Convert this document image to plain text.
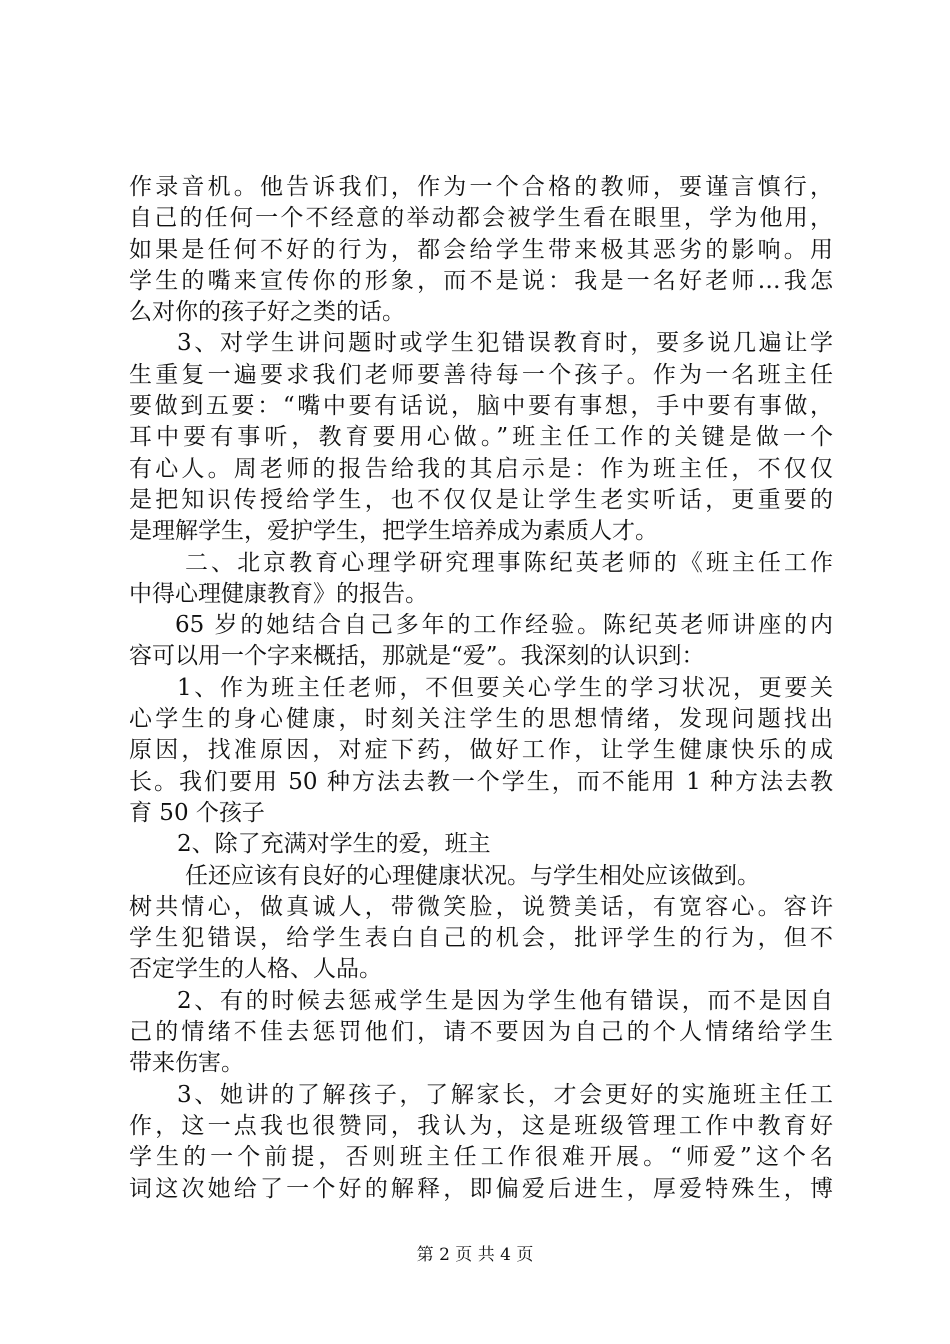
作录音机。他告诉我们，作为一个合格的教师，要谨言慎行，
自己的任何一个不经意的举动都会被学生看在眼里，学为他用，
如果是任何不好的行为，都会给学生带来极其恶劣的影响。用
学生的嘴来宣传你的形象，而不是说：我是一名好老师…我怎
么对你的孩子好之类的话。
3、对学生讲问题时或学生犯错误教育时，要多说几遍让学
生重复一遍要求我们老师要善待每一个孩子。作为一名班主任
要做到五要：“嘴中要有话说，脑中要有事想，手中要有事做，
耳中要有事听，教育要用心做。”班主任工作的关键是做一个
有心人。周老师的报告给我的其启示是：作为班主任，不仅仅
是把知识传授给学生，也不仅仅是让学生老实听话，更重要的
是理解学生，爱护学生，把学生培养成为素质人才。
二、北京教育心理学研究理事陈纪英老师的《班主任工作
中得心理健康教育》的报告。
65 岁的她结合自己多年的工作经验。陈纪英老师讲座的内
容可以用一个字来概括，那就是“爱”。我深刻的认识到：
1、作为班主任老师，不但要关心学生的学习状况，更要关
心学生的身心健康，时刻关注学生的思想情绪，发现问题找出
原因，找准原因，对症下药，做好工作，让学生健康快乐的成
长。我们要用 50 种方法去教一个学生，而不能用 1 种方法去教
育 50 个孩子
2、除了充满对学生的爱，班主
任还应该有良好的心理健康状况。与学生相处应该做到。
树共情心，做真诚人，带微笑脸，说赞美话，有宽容心。容许
学生犯错误，给学生表白自己的机会，批评学生的行为，但不
否定学生的人格、人品。
2、有的时候去惩戒学生是因为学生他有错误，而不是因自
己的情绪不佳去惩罚他们，请不要因为自己的个人情绪给学生
带来伤害。
3、她讲的了解孩子，了解家长，才会更好的实施班主任工
作，这一点我也很赞同，我认为，这是班级管理工作中教育好
学生的一个前提，否则班主任工作很难开展。“师爱”这个名
词这次她给了一个好的解释，即偏爱后进生，厚爱特殊生，博
第 2 页 共 4 页
